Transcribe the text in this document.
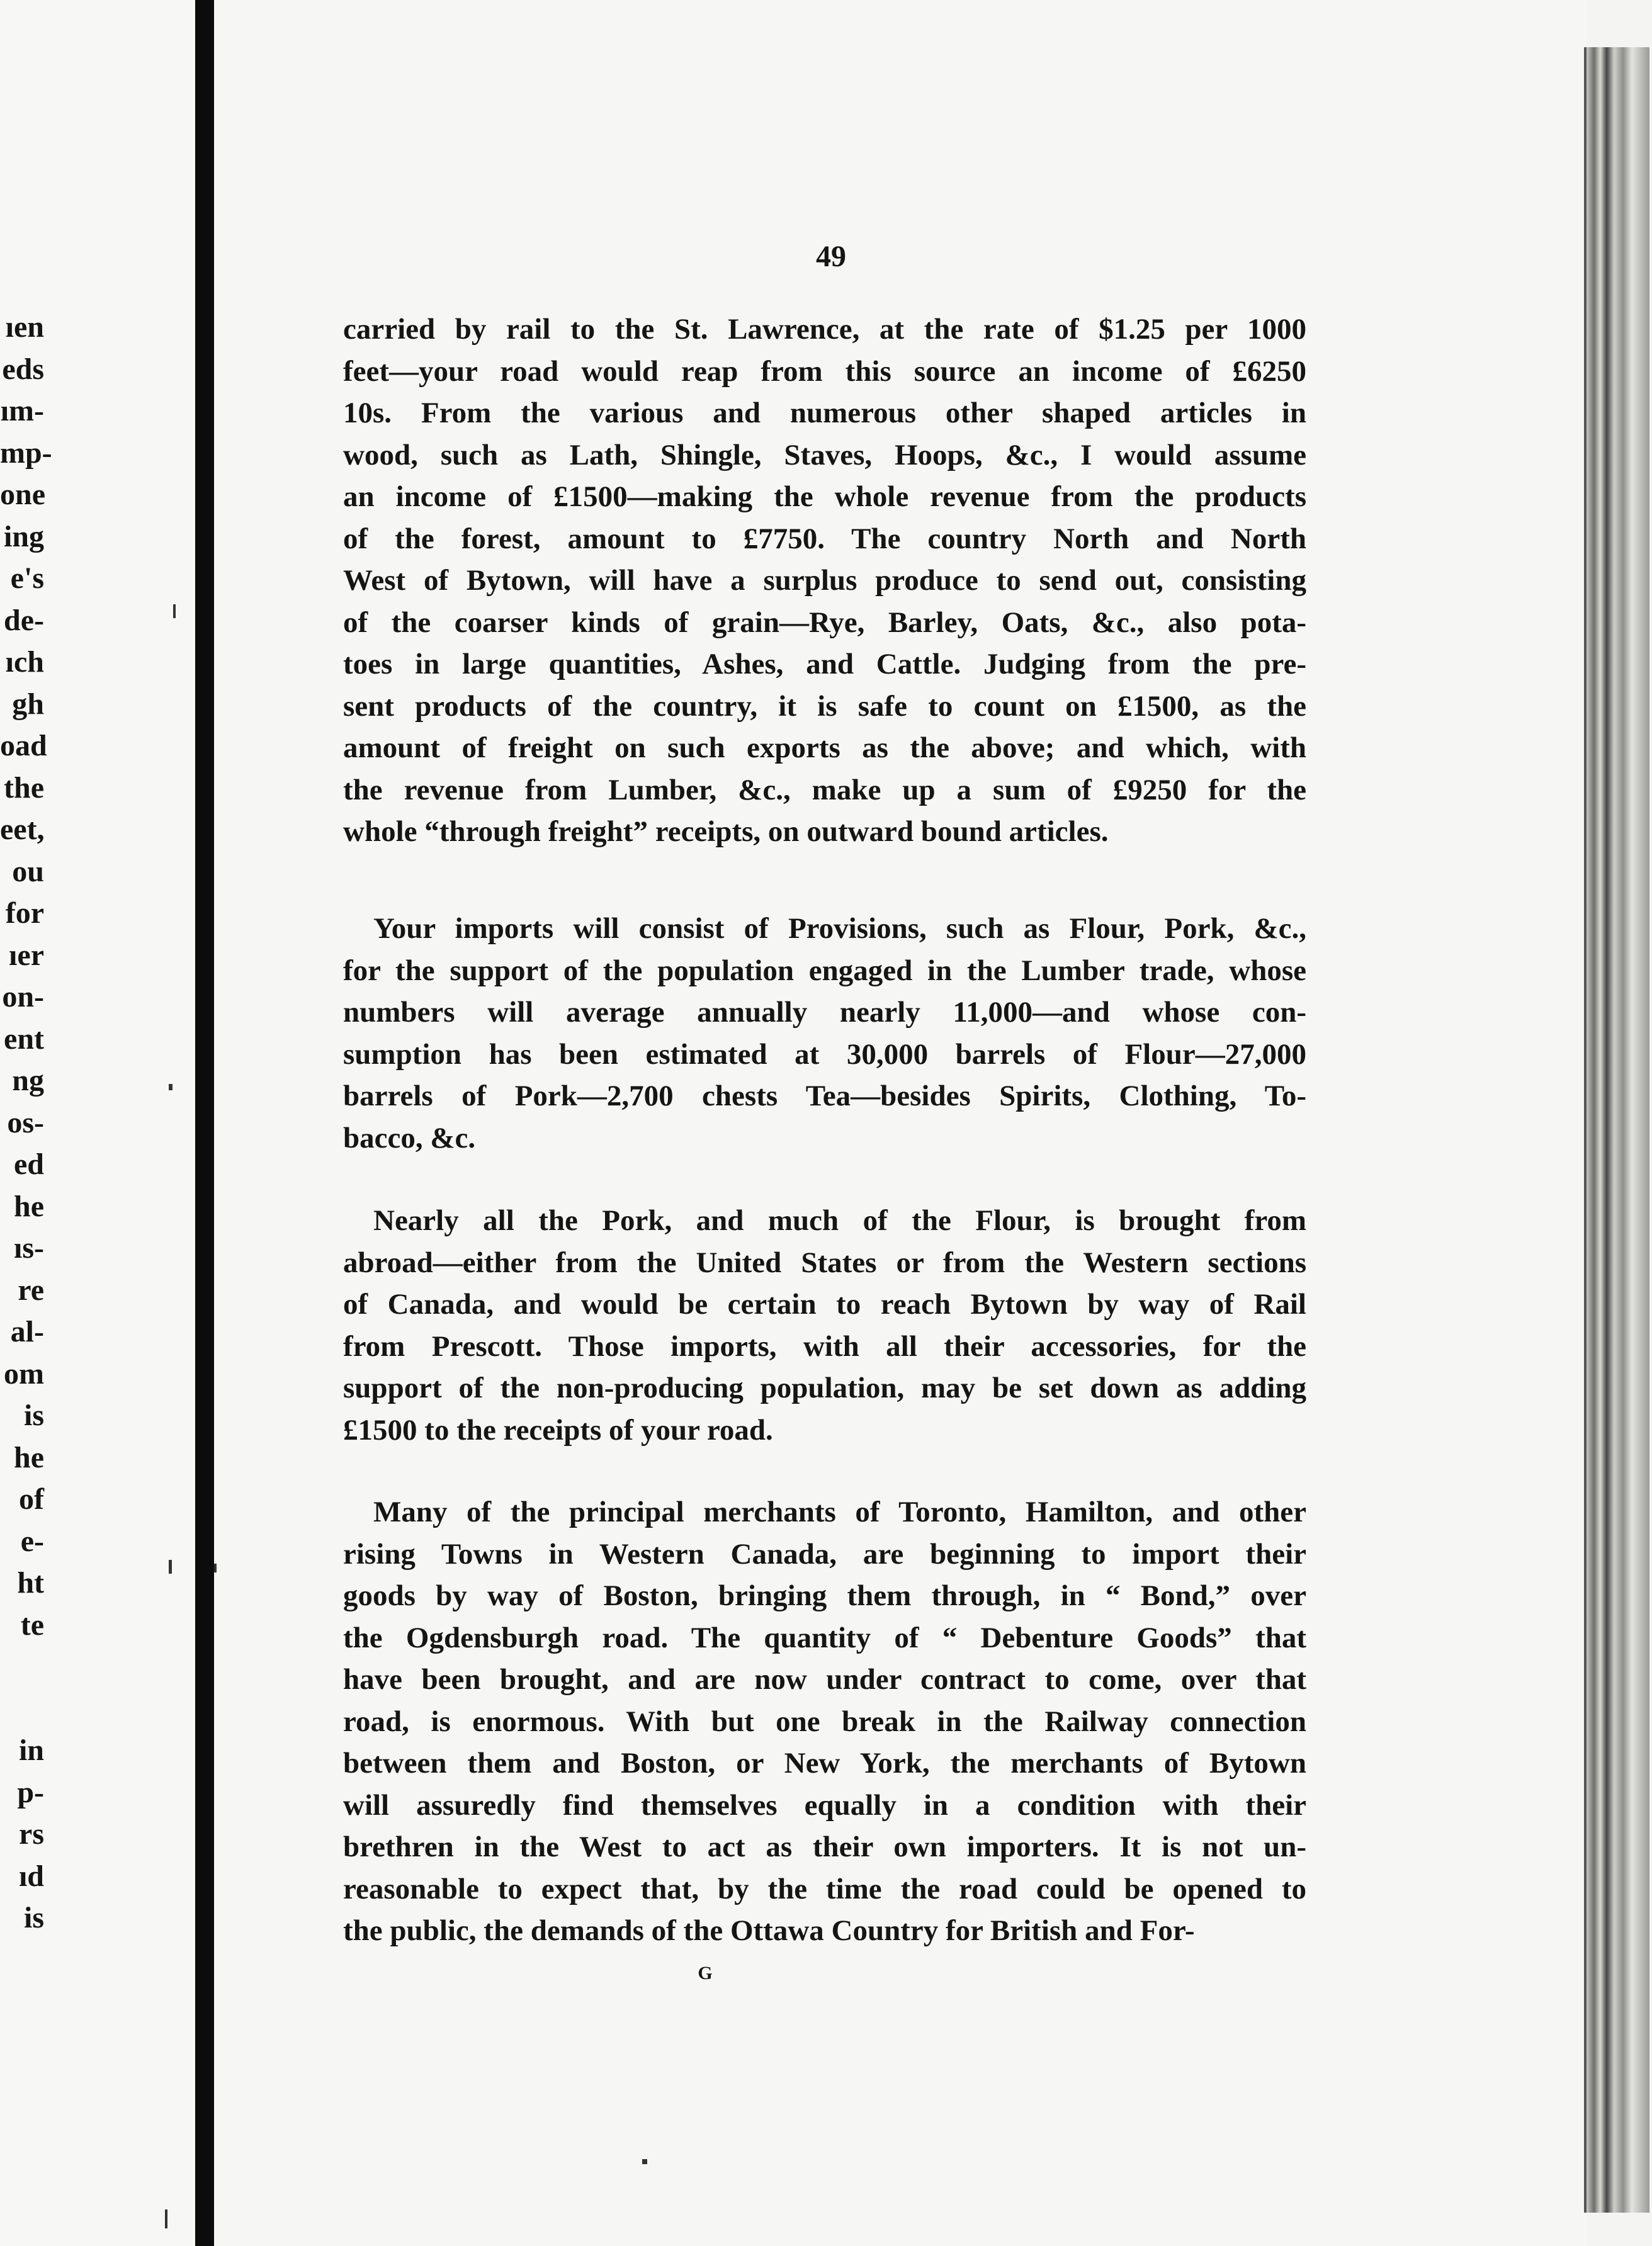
ıen
eds
ım-
mp-
one
ing
e's
de-
ıch
gh
oad
the
eet,
ou
for
ıer
on-
ent
ng
os-
ed
he
ıs-
re
al-
om
is
he
of
e-
ht
te
in
p-
rs
ıd
is
49
carried by rail to the St. Lawrence, at the rate of $1.25 per 1000
feet—your road would reap from this source an income of £6250
10s. From the various and numerous other shaped articles in
wood, such as Lath, Shingle, Staves, Hoops, &c., I would assume
an income of £1500—making the whole revenue from the products
of the forest, amount to £7750. The country North and North
West of Bytown, will have a surplus produce to send out, consisting
of the coarser kinds of grain—Rye, Barley, Oats, &c., also pota-
toes in large quantities, Ashes, and Cattle. Judging from the pre-
sent products of the country, it is safe to count on £1500, as the
amount of freight on such exports as the above; and which, with
the revenue from Lumber, &c., make up a sum of £9250 for the
whole “through freight” receipts, on outward bound articles.
Your imports will consist of Provisions, such as Flour, Pork, &c.,
for the support of the population engaged in the Lumber trade, whose
numbers will average annually nearly 11,000—and whose con-
sumption has been estimated at 30,000 barrels of Flour—27,000
barrels of Pork—2,700 chests Tea—besides Spirits, Clothing, To-
bacco, &c.
Nearly all the Pork, and much of the Flour, is brought from
abroad—either from the United States or from the Western sections
of Canada, and would be certain to reach Bytown by way of Rail
from Prescott. Those imports, with all their accessories, for the
support of the non-producing population, may be set down as adding
£1500 to the receipts of your road.
Many of the principal merchants of Toronto, Hamilton, and other
rising Towns in Western Canada, are beginning to import their
goods by way of Boston, bringing them through, in “ Bond,” over
the Ogdensburgh road. The quantity of “ Debenture Goods” that
have been brought, and are now under contract to come, over that
road, is enormous. With but one break in the Railway connection
between them and Boston, or New York, the merchants of Bytown
will assuredly find themselves equally in a condition with their
brethren in the West to act as their own importers. It is not un-
reasonable to expect that, by the time the road could be opened to
the public, the demands of the Ottawa Country for British and For-
G
